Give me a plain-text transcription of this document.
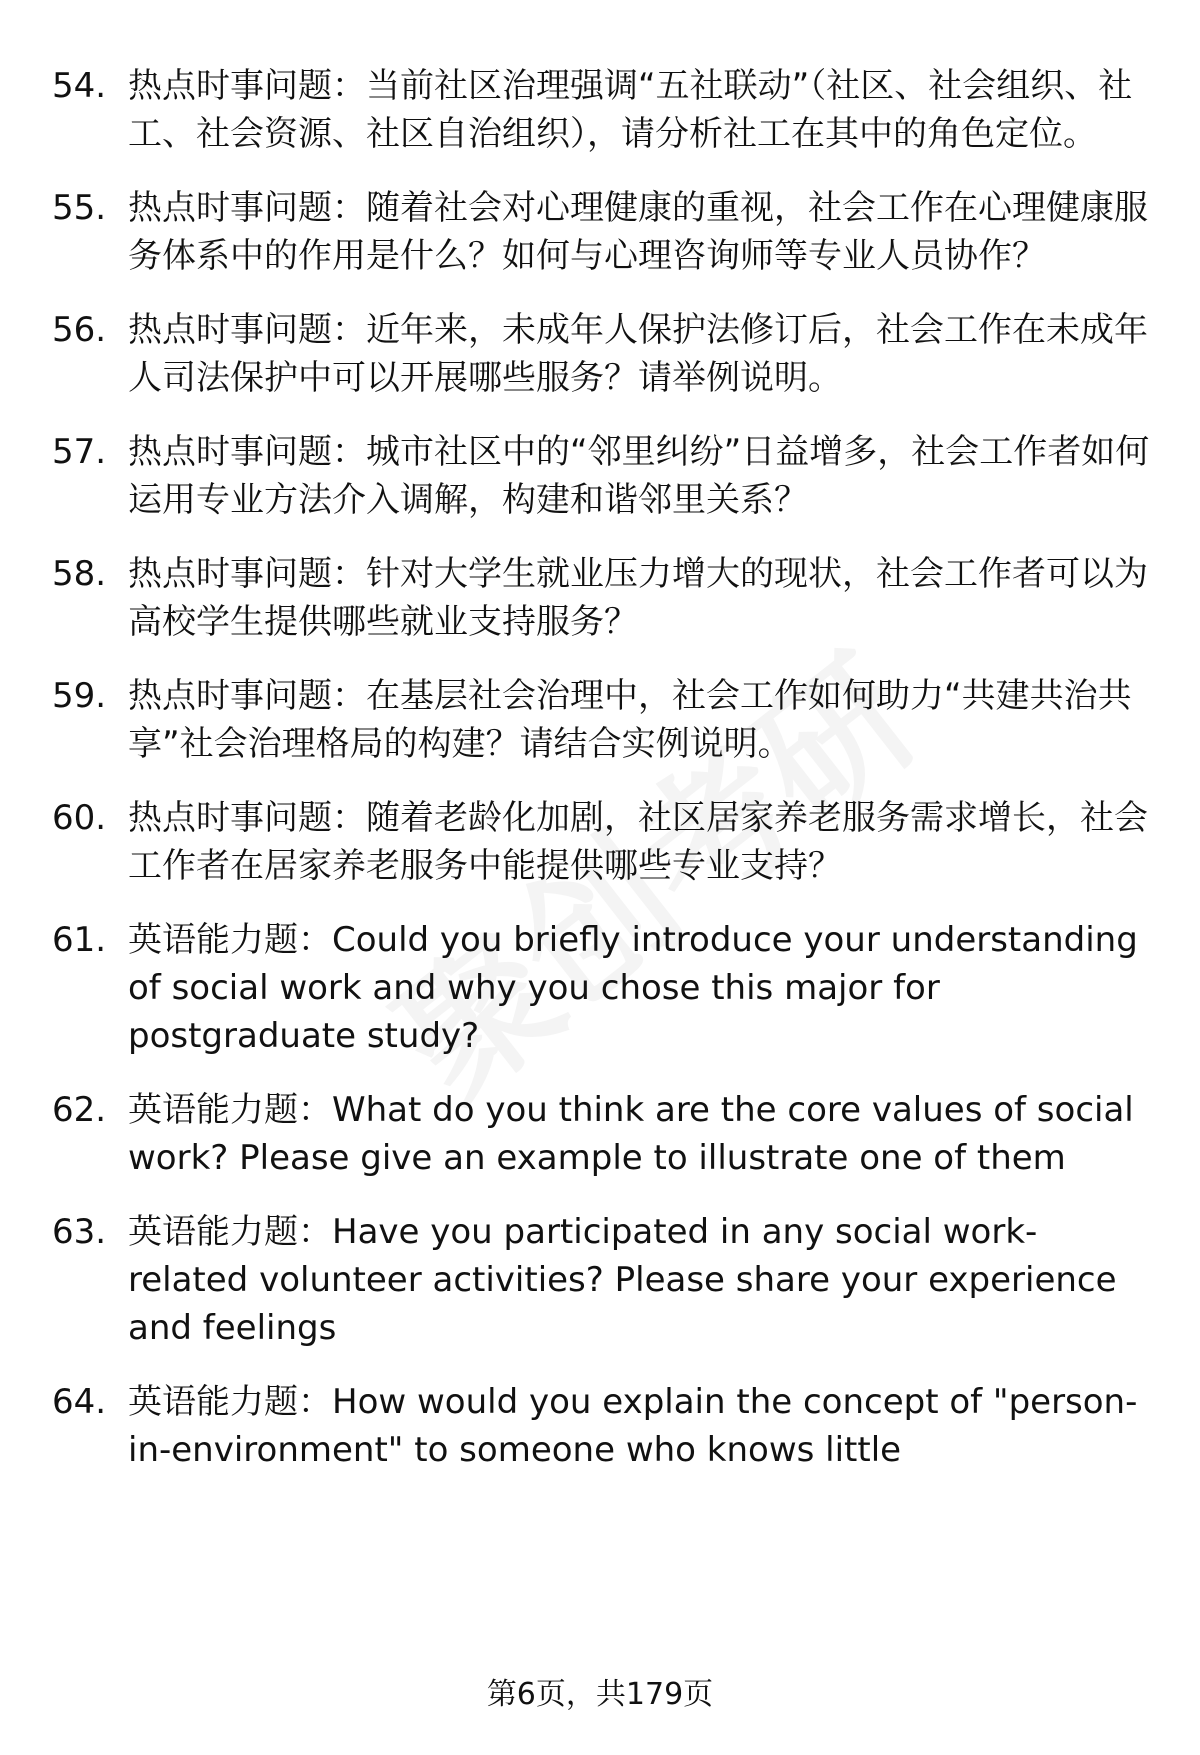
54. 热点时事问题：当前社区治理强调“五社联动”（社区、社会组织、社工、社会资源、社区自治组织），请分析社工在其中的角色定位。
55. 热点时事问题：随着社会对心理健康的重视，社会工作在心理健康服务体系中的作用是什么？如何与心理咨询师等专业人员协作？
56. 热点时事问题：近年来，未成年人保护法修订后，社会工作在未成年人司法保护中可以开展哪些服务？请举例说明。
57. 热点时事问题：城市社区中的“邻里纠纷”日益增多，社会工作者如何运用专业方法介入调解，构建和谐邻里关系？
58. 热点时事问题：针对大学生就业压力增大的现状，社会工作者可以为高校学生提供哪些就业支持服务？
59. 热点时事问题：在基层社会治理中，社会工作如何助力“共建共治共享”社会治理格局的构建？请结合实例说明。
60. 热点时事问题：随着老龄化加剧，社区居家养老服务需求增长，社会工作者在居家养老服务中能提供哪些专业支持？
61. 英语能力题：Could you briefly introduce your understanding of social work and why you chose this major for postgraduate study?
62. 英语能力题：What do you think are the core values of social work? Please give an example to illustrate one of them
63. 英语能力题：Have you participated in any social work-related volunteer activities? Please share your experience and feelings
64. 英语能力题：How would you explain the concept of "person-in-environment" to someone who knows little
第6页，共179页
